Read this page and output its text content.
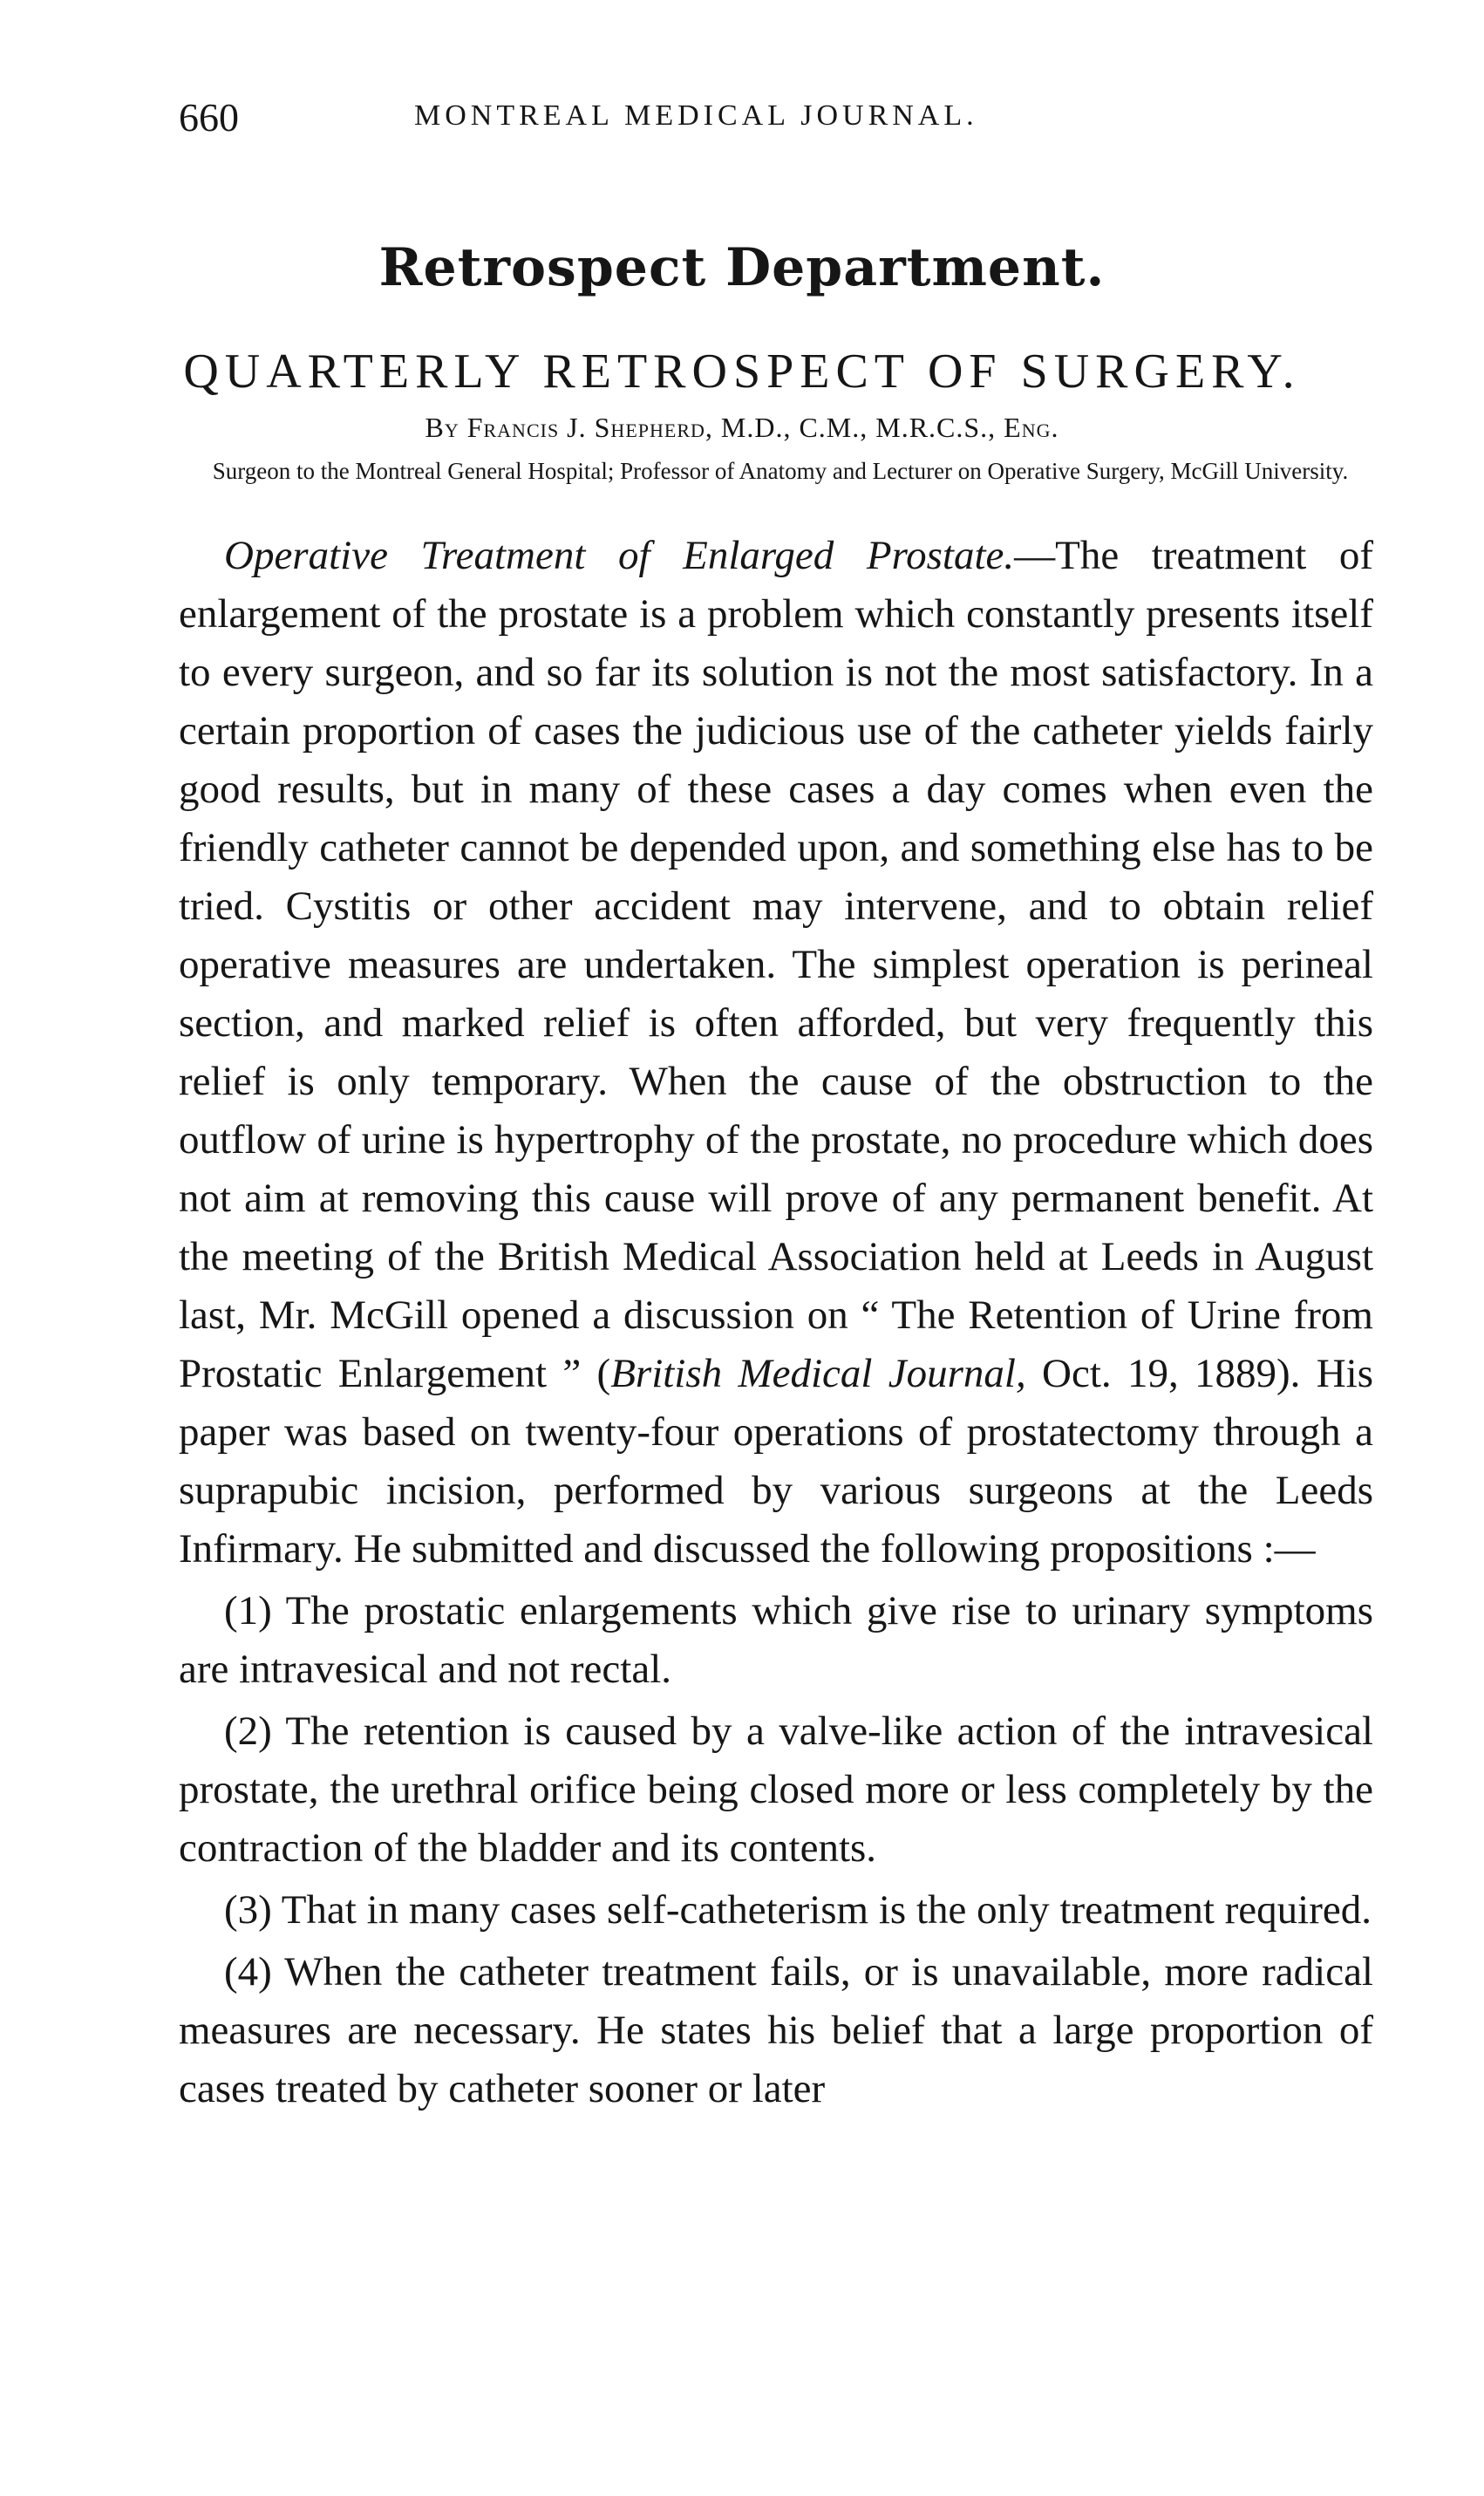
660	MONTREAL MEDICAL JOURNAL.
Retrospect Department.
QUARTERLY RETROSPECT OF SURGERY.
By Francis J. Shepherd, M.D., C.M., M.R.C.S., Eng.
Surgeon to the Montreal General Hospital; Professor of Anatomy and Lecturer on Operative Surgery, McGill University.

Operative Treatment of Enlarged Prostate.—The treatment of enlargement of the prostate is a problem which constantly presents itself to every surgeon, and so far its solution is not the most satisfactory. In a certain proportion of cases the judicious use of the catheter yields fairly good results, but in many of these cases a day comes when even the friendly catheter cannot be depended upon, and something else has to be tried. Cystitis or other accident may intervene, and to obtain relief operative measures are undertaken. The simplest operation is perineal section, and marked relief is often afforded, but very frequently this relief is only temporary. When the cause of the obstruction to the outflow of urine is hypertrophy of the prostate, no procedure which does not aim at removing this cause will prove of any permanent benefit. At the meeting of the British Medical Association held at Leeds in August last, Mr. McGill opened a discussion on “ The Retention of Urine from Prostatic Enlargement ” (British Medical Journal, Oct. 19, 1889). His paper was based on twenty-four operations of prostatectomy through a suprapubic incision, performed by various surgeons at the Leeds Infirmary. He submitted and discussed the following propositions :—

(1) The prostatic enlargements which give rise to urinary symptoms are intravesical and not rectal.

(2) The retention is caused by a valve-like action of the intravesical prostate, the urethral orifice being closed more or less completely by the contraction of the bladder and its contents.

(3) That in many cases self-catheterism is the only treatment required.

(4) When the catheter treatment fails, or is unavailable, more radical measures are necessary. He states his belief that a large proportion of cases treated by catheter sooner or later
